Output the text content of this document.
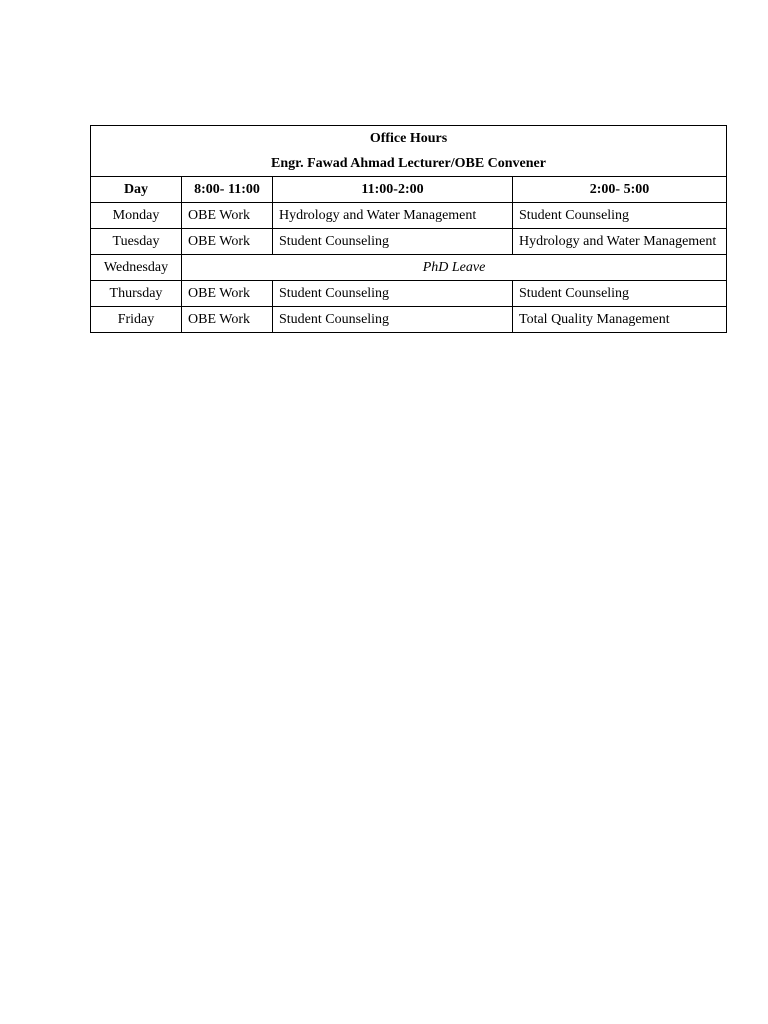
Office Hours
Engr. Fawad Ahmad Lecturer/OBE Convener			

Day	8:00- 11:00	11:00-2:00	2:00- 5:00
Monday	OBE Work	Hydrology and Water Management	Student Counseling
Tuesday	OBE Work	Student Counseling	Hydrology and Water Management
Wednesday	PhD Leave		
Thursday	OBE Work	Student Counseling	Student Counseling
Friday	OBE Work	Student Counseling	Total Quality Management
